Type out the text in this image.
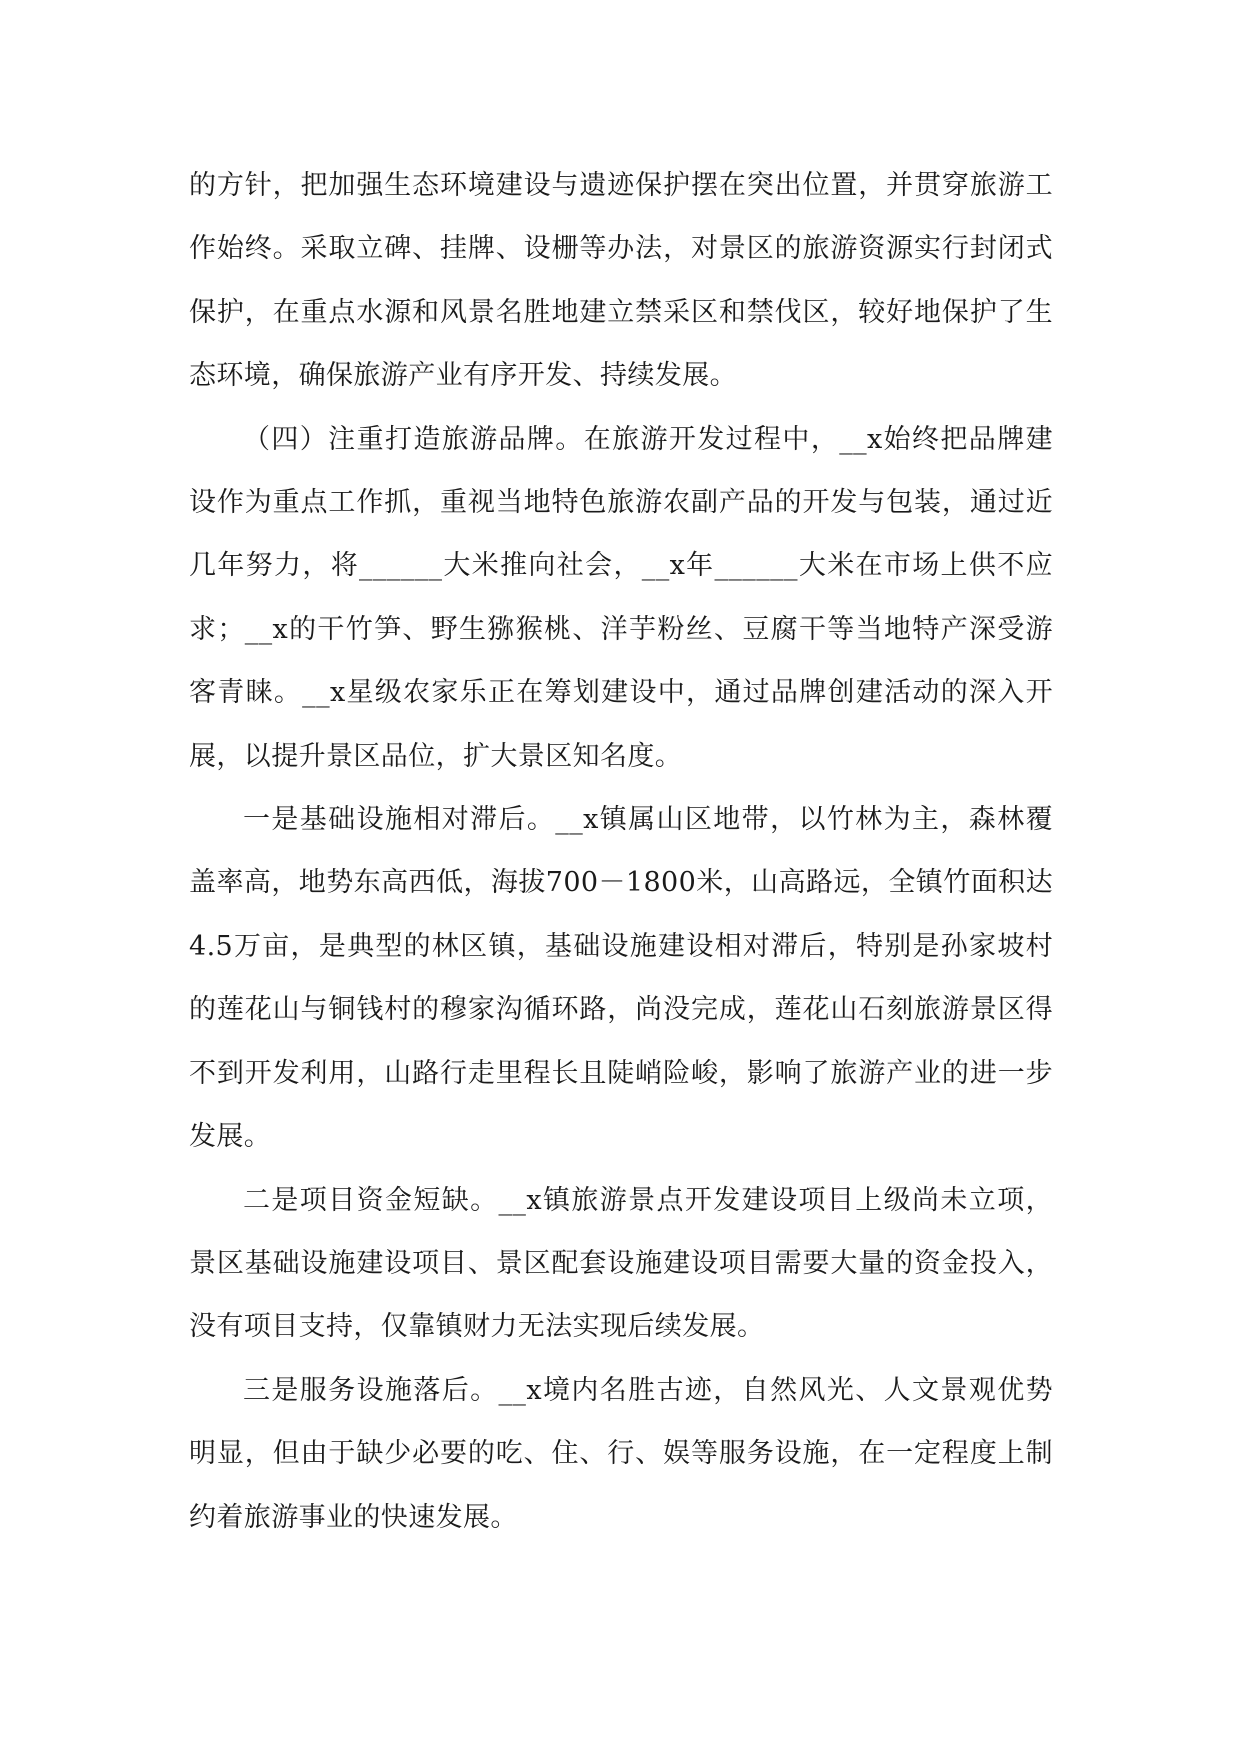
的方针，把加强生态环境建设与遗迹保护摆在突出位置，并贯穿旅游工作始终。采取立碑、挂牌、设栅等办法，对景区的旅游资源实行封闭式保护，在重点水源和风景名胜地建立禁采区和禁伐区，较好地保护了生态环境，确保旅游产业有序开发、持续发展。

（四）注重打造旅游品牌。在旅游开发过程中，__x始终把品牌建设作为重点工作抓，重视当地特色旅游农副产品的开发与包装，通过近几年努力，将______大米推向社会，__x年______大米在市场上供不应求；__x的干竹笋、野生猕猴桃、洋芋粉丝、豆腐干等当地特产深受游客青睐。__x星级农家乐正在筹划建设中，通过品牌创建活动的深入开展，以提升景区品位，扩大景区知名度。

一是基础设施相对滞后。__x镇属山区地带，以竹林为主，森林覆盖率高，地势东高西低，海拔700－1800米，山高路远，全镇竹面积达4.5万亩，是典型的林区镇，基础设施建设相对滞后，特别是孙家坡村的莲花山与铜钱村的穆家沟循环路，尚没完成，莲花山石刻旅游景区得不到开发利用，山路行走里程长且陡峭险峻，影响了旅游产业的进一步发展。

二是项目资金短缺。__x镇旅游景点开发建设项目上级尚未立项，景区基础设施建设项目、景区配套设施建设项目需要大量的资金投入，没有项目支持，仅靠镇财力无法实现后续发展。

三是服务设施落后。__x境内名胜古迹，自然风光、人文景观优势明显，但由于缺少必要的吃、住、行、娱等服务设施，在一定程度上制约着旅游事业的快速发展。
